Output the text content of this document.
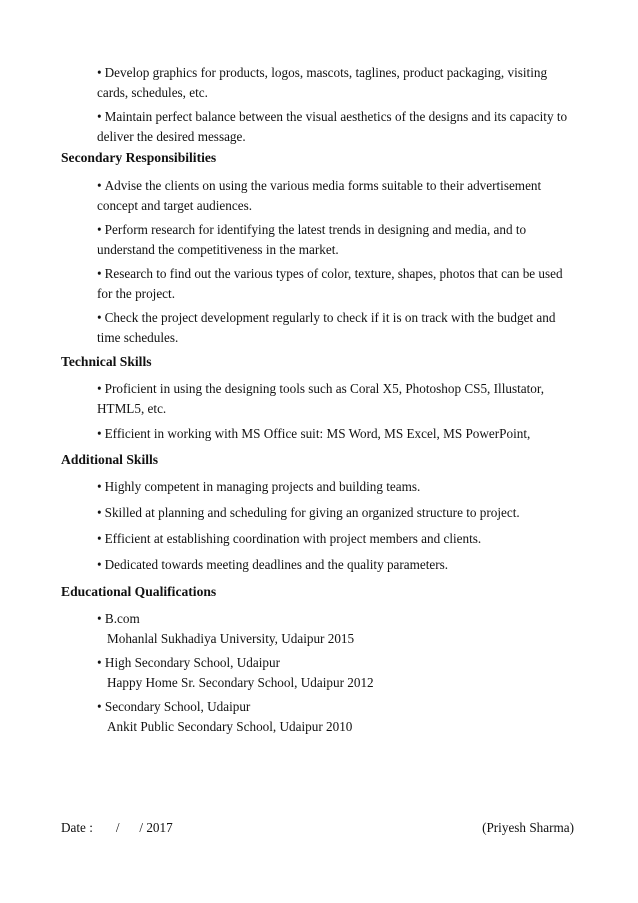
• Develop graphics for products, logos, mascots, taglines, product packaging, visiting cards, schedules, etc.
• Maintain perfect balance between the visual aesthetics of the designs and its capacity to deliver the desired message.
Secondary Responsibilities
• Advise the clients on using the various media forms suitable to their advertisement concept and target audiences.
• Perform research for identifying the latest trends in designing and media, and to understand the competitiveness in the market.
• Research to find out the various types of color, texture, shapes, photos that can be used for the project.
• Check the project development regularly to check if it is on track with the budget and time schedules.
Technical Skills
• Proficient in using the designing tools such as Coral X5, Photoshop CS5, Illustator, HTML5, etc.
• Efficient in working with MS Office suit: MS Word, MS Excel, MS PowerPoint,
Additional Skills
• Highly competent in managing projects and building teams.
• Skilled at planning and scheduling for giving an organized structure to project.
• Efficient at establishing coordination with project members and clients.
• Dedicated towards meeting deadlines and the quality parameters.
Educational Qualifications
• B.com
Mohanlal Sukhadiya University, Udaipur 2015
• High Secondary School, Udaipur
Happy Home Sr. Secondary School, Udaipur 2012
• Secondary School, Udaipur
Ankit Public Secondary School, Udaipur 2010
Date :       /      / 2017	(Priyesh Sharma)
